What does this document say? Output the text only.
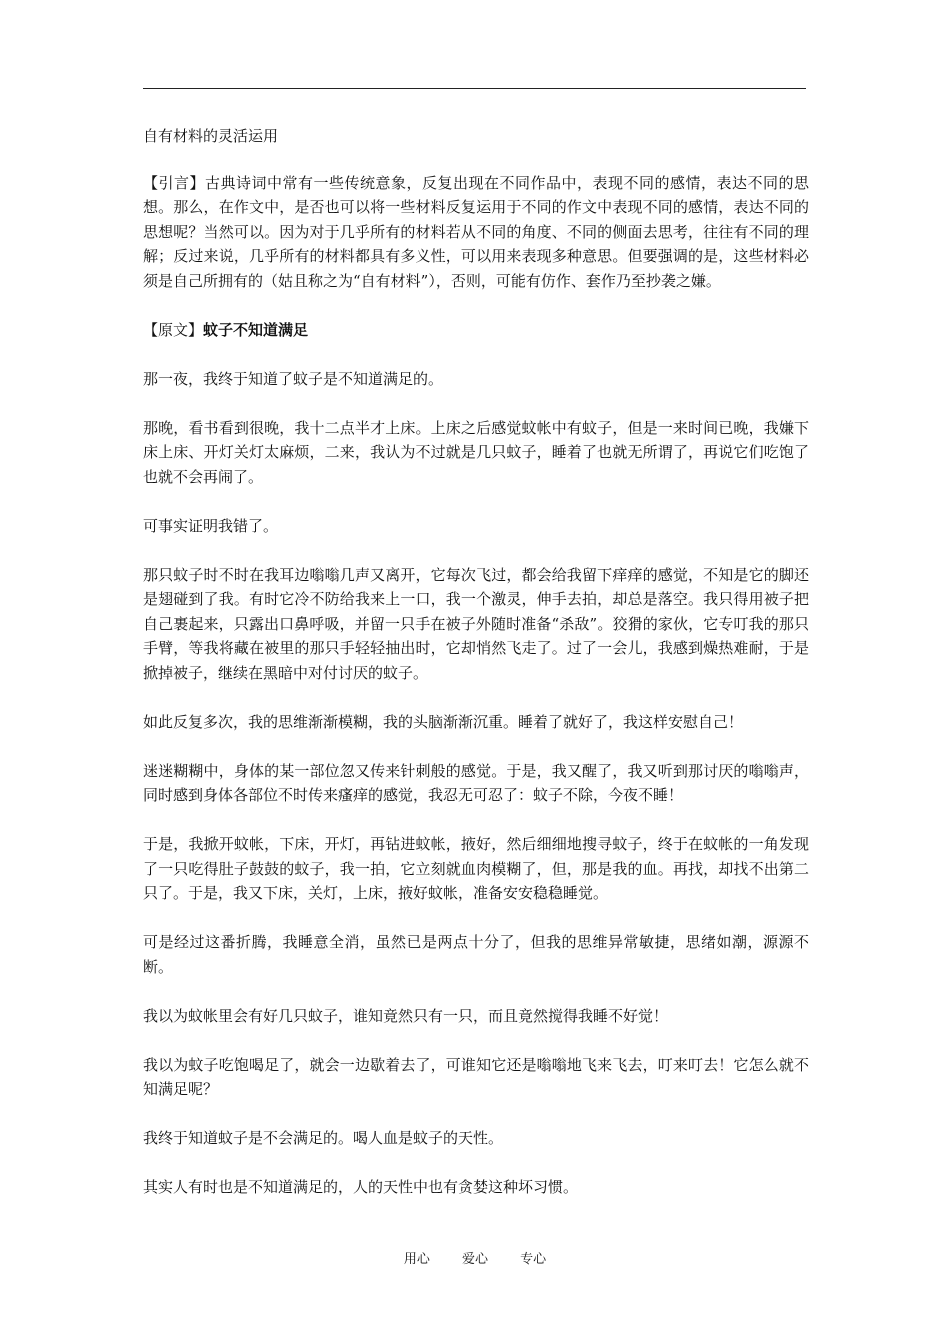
自有材料的灵活运用

【引言】古典诗词中常有一些传统意象，反复出现在不同作品中，表现不同的感情，表达不同的思想。那么，在作文中，是否也可以将一些材料反复运用于不同的作文中表现不同的感情，表达不同的思想呢？当然可以。因为对于几乎所有的材料若从不同的角度、不同的侧面去思考，往往有不同的理解；反过来说，几乎所有的材料都具有多义性，可以用来表现多种意思。但要强调的是，这些材料必须是自己所拥有的（姑且称之为“自有材料”），否则，可能有仿作、套作乃至抄袭之嫌。

【原文】蚊子不知道满足

那一夜，我终于知道了蚊子是不知道满足的。

那晚，看书看到很晚，我十二点半才上床。上床之后感觉蚊帐中有蚊子，但是一来时间已晚，我嫌下床上床、开灯关灯太麻烦，二来，我认为不过就是几只蚊子，睡着了也就无所谓了，再说它们吃饱了也就不会再闹了。

可事实证明我错了。

那只蚊子时不时在我耳边嗡嗡几声又离开，它每次飞过，都会给我留下痒痒的感觉，不知是它的脚还是翅碰到了我。有时它冷不防给我来上一口，我一个激灵，伸手去拍，却总是落空。我只得用被子把自己裹起来，只露出口鼻呼吸，并留一只手在被子外随时准备“杀敌”。狡猾的家伙，它专叮我的那只手臂，等我将藏在被里的那只手轻轻抽出时，它却悄然飞走了。过了一会儿，我感到燥热难耐，于是掀掉被子，继续在黑暗中对付讨厌的蚊子。

如此反复多次，我的思维渐渐模糊，我的头脑渐渐沉重。睡着了就好了，我这样安慰自己！

迷迷糊糊中，身体的某一部位忽又传来针刺般的感觉。于是，我又醒了，我又听到那讨厌的嗡嗡声，同时感到身体各部位不时传来瘙痒的感觉，我忍无可忍了：蚊子不除，今夜不睡！

于是，我掀开蚊帐，下床，开灯，再钻进蚊帐，掖好，然后细细地搜寻蚊子，终于在蚊帐的一角发现了一只吃得肚子鼓鼓的蚊子，我一拍，它立刻就血肉模糊了，但，那是我的血。再找，却找不出第二只了。于是，我又下床，关灯，上床，掖好蚊帐，准备安安稳稳睡觉。

可是经过这番折腾，我睡意全消，虽然已是两点十分了，但我的思维异常敏捷，思绪如潮，源源不断。

我以为蚊帐里会有好几只蚊子，谁知竟然只有一只，而且竟然搅得我睡不好觉！

我以为蚊子吃饱喝足了，就会一边歇着去了，可谁知它还是嗡嗡地飞来飞去，叮来叮去！它怎么就不知满足呢？

我终于知道蚊子是不会满足的。喝人血是蚊子的天性。

其实人有时也是不知道满足的，人的天性中也有贪婪这种坏习惯。

用心 爱心 专心
